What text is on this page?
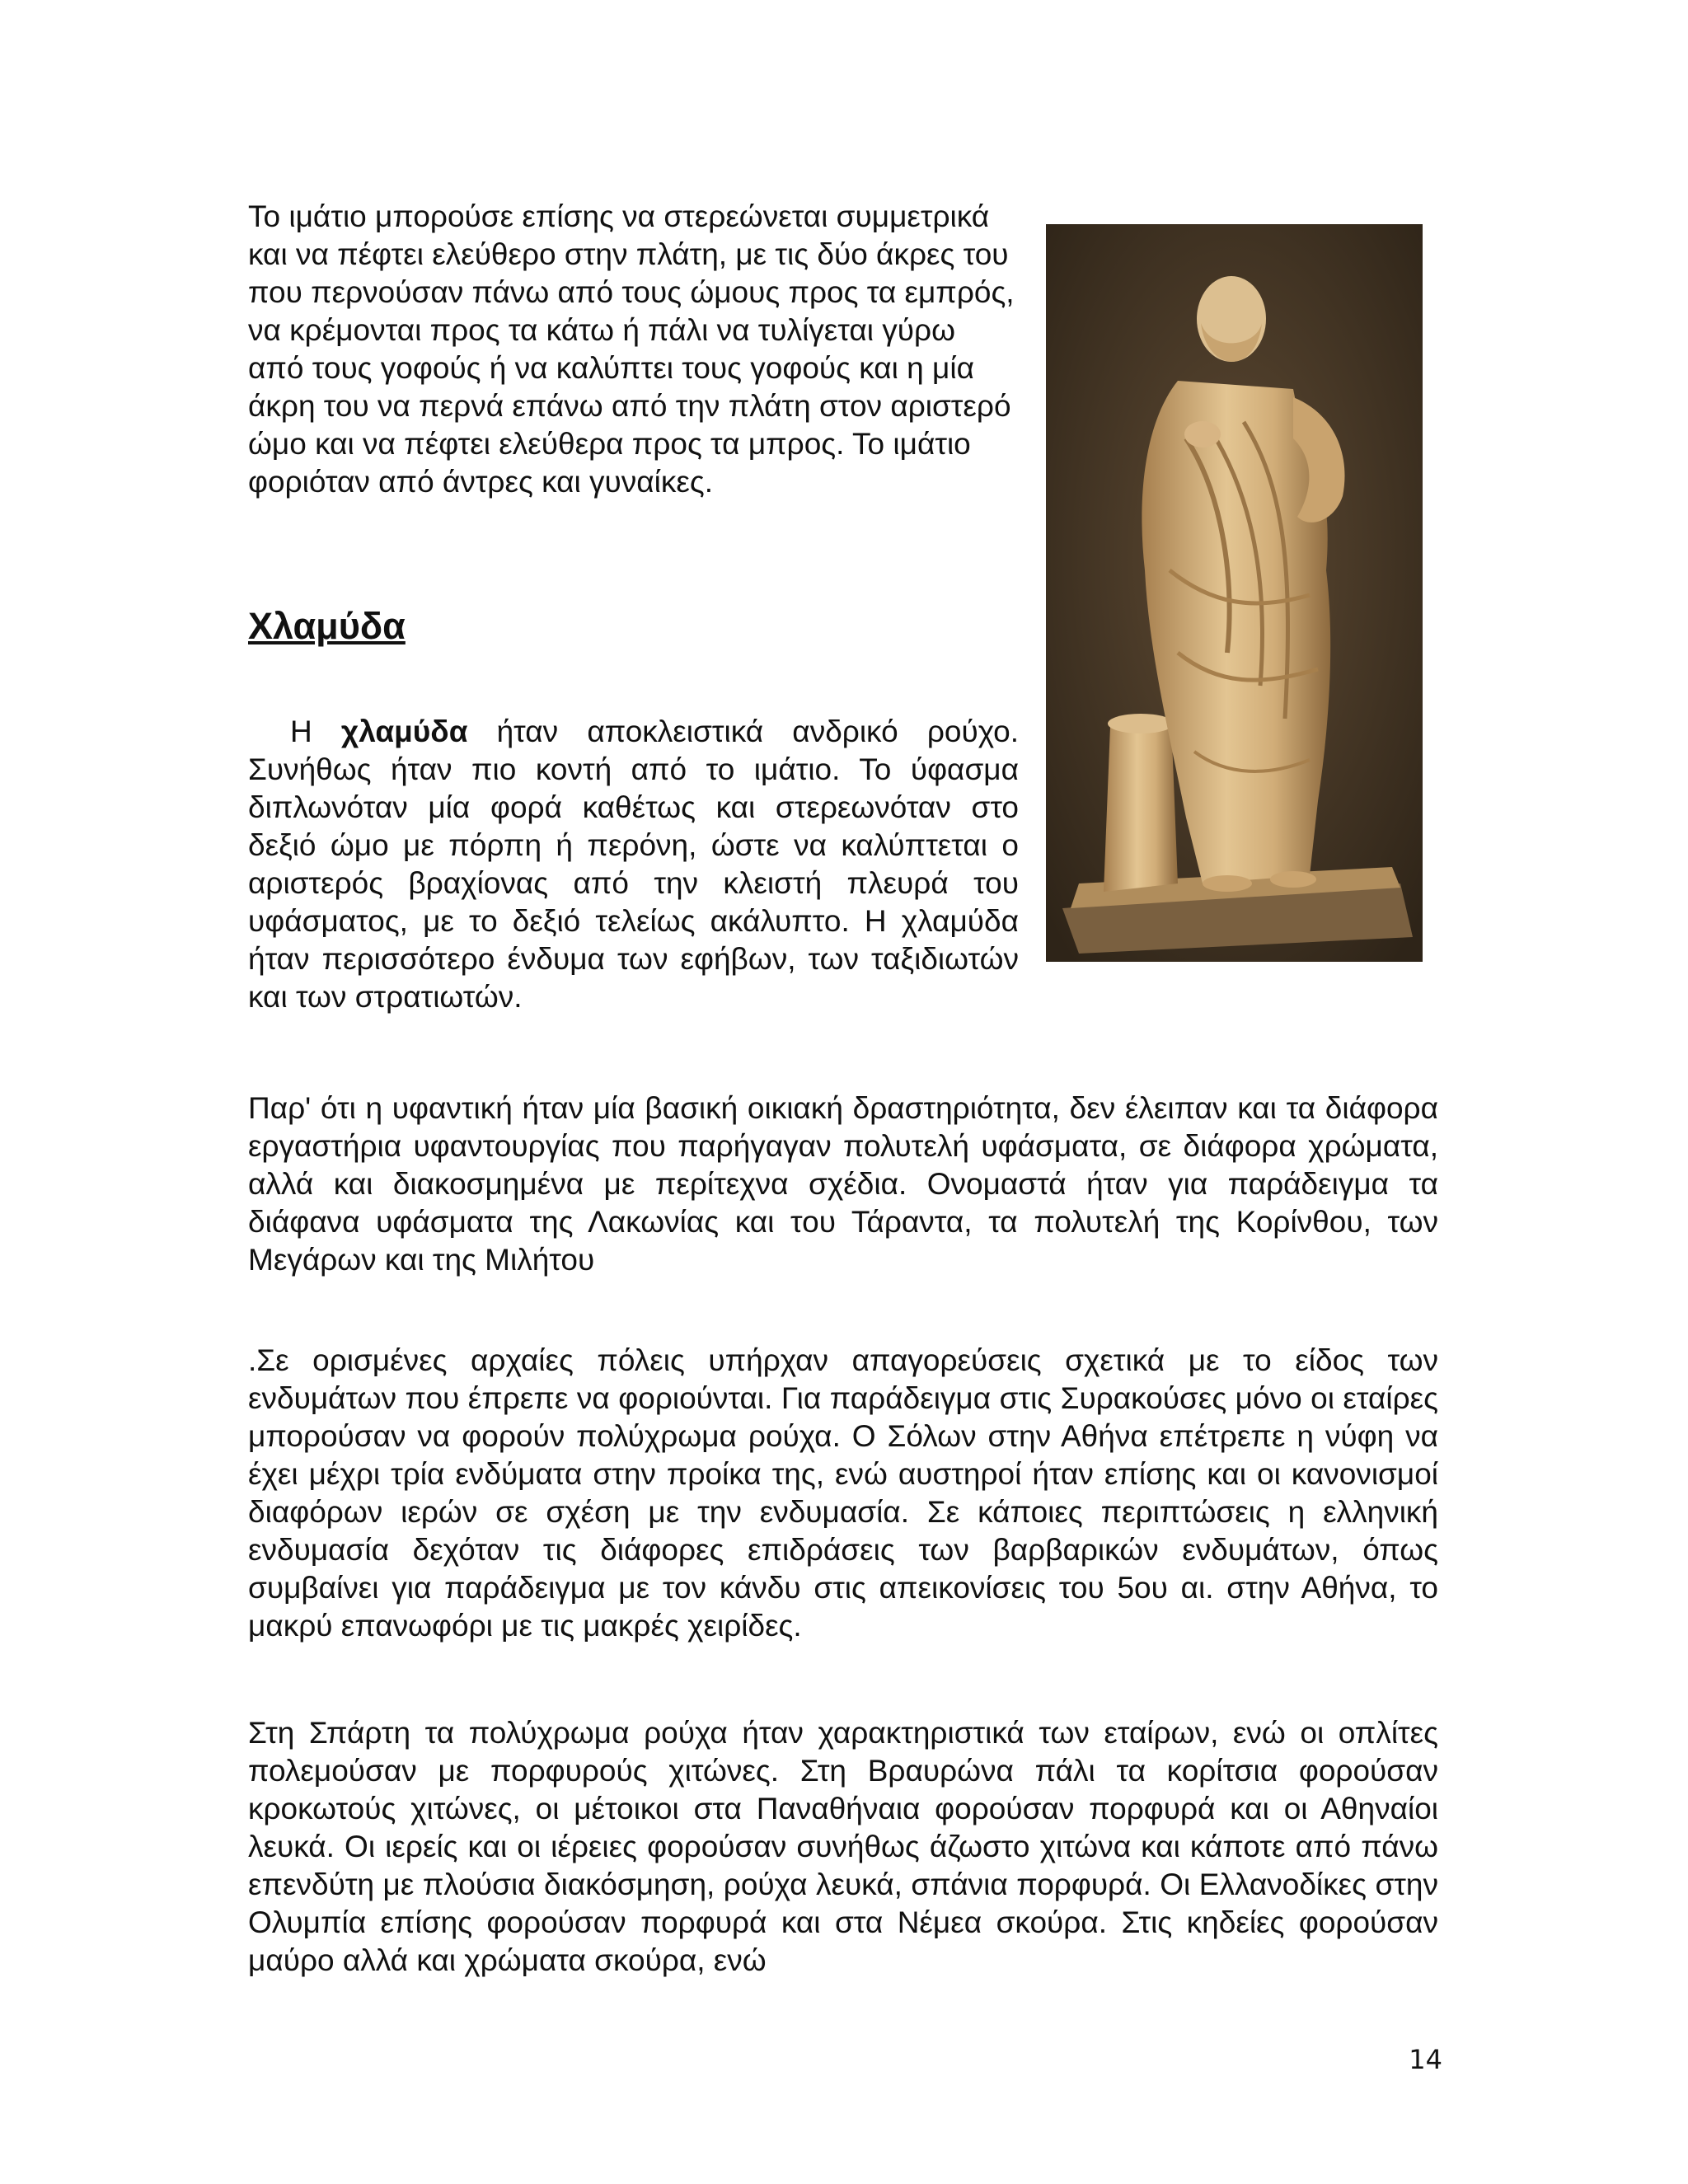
Το ιμάτιο μπορούσε επίσης να στερεώνεται συμμετρικά και να πέφτει ελεύθερο στην πλάτη, με τις δύο άκρες του που περνούσαν πάνω από τους ώμους προς τα εμπρός, να κρέμονται προς τα κάτω ή πάλι να τυλίγεται γύρω από τους γοφούς ή να καλύπτει τους γοφούς και η μία άκρη του να περνά επάνω από την πλάτη στον αριστερό ώμο και να πέφτει ελεύθερα προς τα μπρος. Το ιμάτιο φοριόταν από άντρες και γυναίκες.

Χλαμύδα

Η χλαμύδα ήταν αποκλειστικά ανδρικό ρούχο. Συνήθως ήταν πιο κοντή από το ιμάτιο. Το ύφασμα διπλωνόταν μία φορά καθέτως και στερεωνόταν στο δεξιό ώμο με πόρπη ή περόνη, ώστε να καλύπτεται ο αριστερός βραχίονας από την κλειστή πλευρά του υφάσματος, με το δεξιό τελείως ακάλυπτο. Η χλαμύδα ήταν περισσότερο ένδυμα των εφήβων, των ταξιδιωτών και των στρατιωτών.

Παρ' ότι η υφαντική ήταν μία βασική οικιακή δραστηριότητα, δεν έλειπαν και τα διάφορα εργαστήρια υφαντουργίας που παρήγαγαν πολυτελή υφάσματα, σε διάφορα χρώματα, αλλά και διακοσμημένα με περίτεχνα σχέδια. Ονομαστά ήταν για παράδειγμα τα διάφανα υφάσματα της Λακωνίας και του Τάραντα, τα πολυτελή της Κορίνθου, των Μεγάρων και της Μιλήτου

.Σε ορισμένες αρχαίες πόλεις υπήρχαν απαγορεύσεις σχετικά με το είδος των ενδυμάτων που έπρεπε να φοριούνται. Για παράδειγμα στις Συρακούσες μόνο οι εταίρες μπορούσαν να φορούν πολύχρωμα ρούχα. Ο Σόλων στην Αθήνα επέτρεπε η νύφη να έχει μέχρι τρία ενδύματα στην προίκα της, ενώ αυστηροί ήταν επίσης και οι κανονισμοί διαφόρων ιερών σε σχέση με την ενδυμασία. Σε κάποιες περιπτώσεις η ελληνική ενδυμασία δεχόταν τις διάφορες επιδράσεις των βαρβαρικών ενδυμάτων, όπως συμβαίνει για παράδειγμα με τον κάνδυ στις απεικονίσεις του 5ου αι. στην Αθήνα, το μακρύ επανωφόρι με τις μακρές χειρίδες.

Στη Σπάρτη τα πολύχρωμα ρούχα ήταν χαρακτηριστικά των εταίρων, ενώ οι οπλίτες πολεμούσαν με πορφυρούς χιτώνες. Στη Βραυρώνα πάλι τα κορίτσια φορούσαν κροκωτούς χιτώνες, οι μέτοικοι στα Παναθήναια φορούσαν πορφυρά και οι Αθηναίοι λευκά. Οι ιερείς και οι ιέρειες φορούσαν συνήθως άζωστο χιτώνα και κάποτε από πάνω επενδύτη με πλούσια διακόσμηση, ρούχα λευκά, σπάνια πορφυρά. Οι Ελλανοδίκες στην Ολυμπία επίσης φορούσαν πορφυρά και στα Νέμεα σκούρα. Στις κηδείες φορούσαν μαύρο αλλά και χρώματα σκούρα, ενώ

14
